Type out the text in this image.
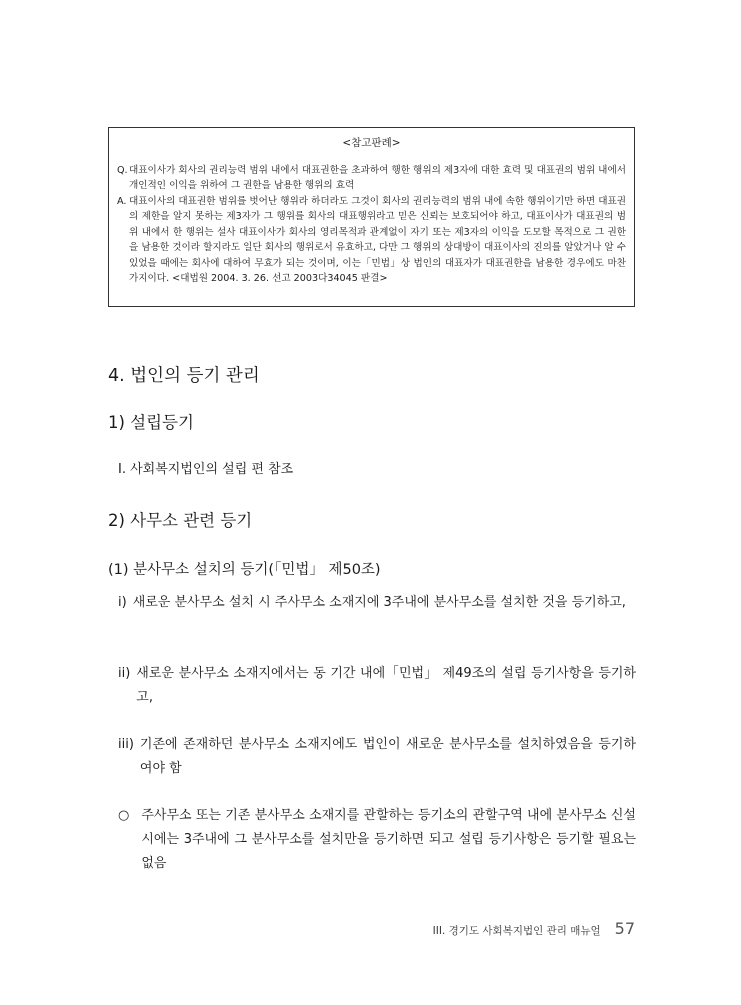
<참고판례>

Q. 대표이사가 회사의 권리능력 범위 내에서 대표권한을 초과하여 행한 행위의 제3자에 대한 효력 및 대표권의 범위 내에서 개인적인 이익을 위하여 그 권한을 남용한 행위의 효력
A. 대표이사의 대표권한 범위를 벗어난 행위라 하더라도 그것이 회사의 권리능력의 범위 내에 속한 행위이기만 하면 대표권의 제한을 알지 못하는 제3자가 그 행위를 회사의 대표행위라고 믿은 신뢰는 보호되어야 하고, 대표이사가 대표권의 범위 내에서 한 행위는 설사 대표이사가 회사의 영리목적과 관계없이 자기 또는 제3자의 이익을 도모할 목적으로 그 권한을 남용한 것이라 할지라도 일단 회사의 행위로서 유효하고, 다만 그 행위의 상대방이 대표이사의 진의를 알았거나 알 수 있었을 때에는 회사에 대하여 무효가 되는 것이며, 이는「민법」상 법인의 대표자가 대표권한을 남용한 경우에도 마찬가지이다. <대법원 2004. 3. 26. 선고 2003다34045 판결>
4. 법인의 등기 관리
1) 설립등기

Ⅰ. 사회복지법인의 설립 편 참조

2) 사무소 관련 등기
(1) 분사무소 설치의 등기(「민법」 제50조)
i) 새로운 분사무소 설치 시 주사무소 소재지에 3주내에 분사무소를 설치한 것을 등기하고,
ii) 새로운 분사무소 소재지에서는 동 기간 내에「민법」 제49조의 설립 등기사항을 등기하고,
iii) 기존에 존재하던 분사무소 소재지에도 법인이 새로운 분사무소를 설치하였음을 등기하여야 함
○ 주사무소 또는 기존 분사무소 소재지를 관할하는 등기소의 관할구역 내에 분사무소 신설 시에는 3주내에 그 분사무소를 설치만을 등기하면 되고 설립 등기사항은 등기할 필요는 없음
III. 경기도 사회복지법인 관리 매뉴얼 57
